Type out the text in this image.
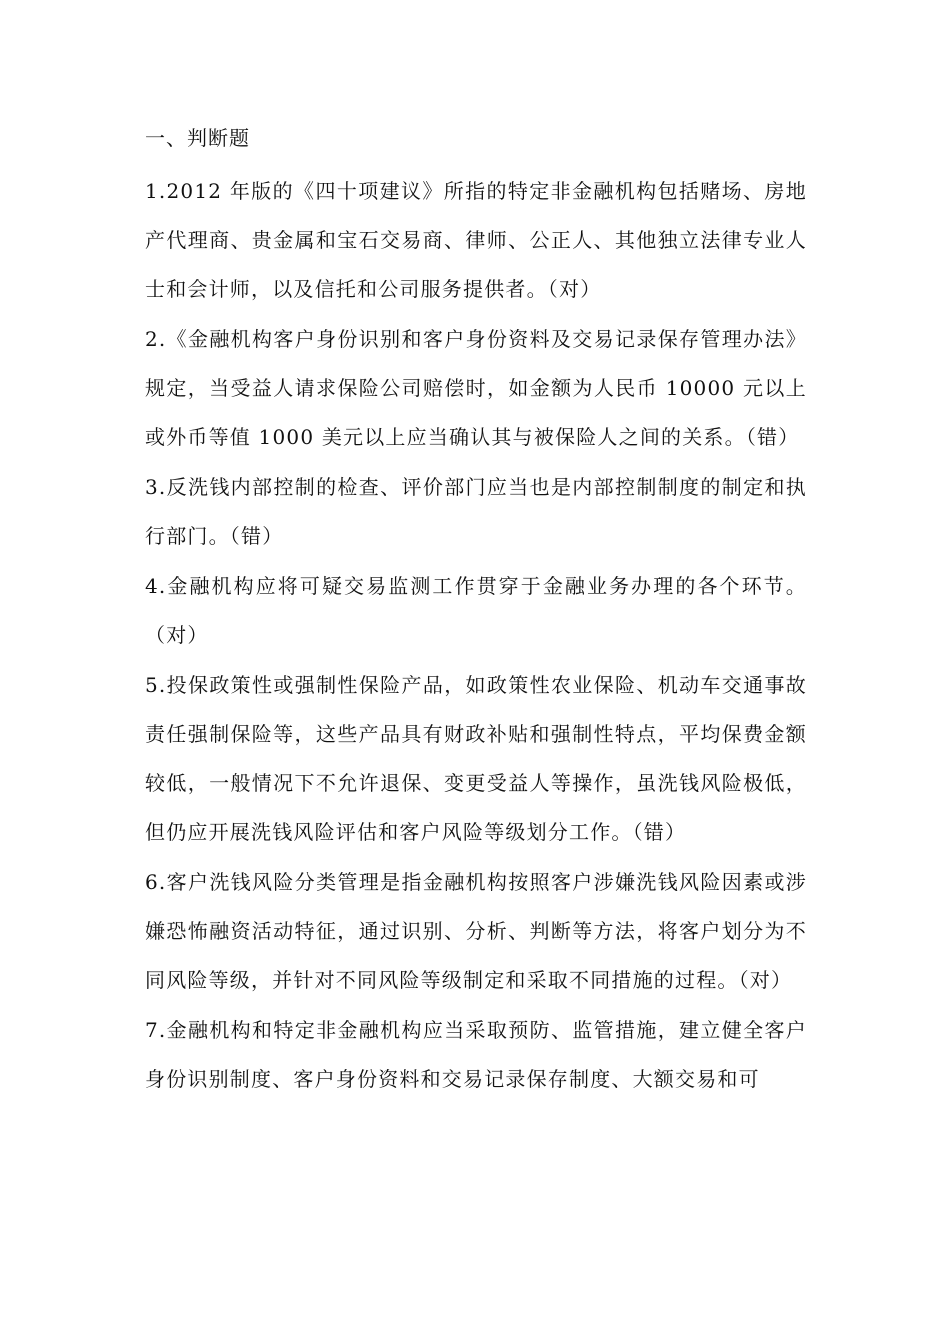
一、判断题
1.2012 年版的《四十项建议》所指的特定非金融机构包括赌场、房地产代理商、贵金属和宝石交易商、律师、公正人、其他独立法律专业人士和会计师，以及信托和公司服务提供者。（对）
2.《金融机构客户身份识别和客户身份资料及交易记录保存管理办法》规定，当受益人请求保险公司赔偿时，如金额为人民币 10000 元以上或外币等值 1000 美元以上应当确认其与被保险人之间的关系。（错）
3.反洗钱内部控制的检查、评价部门应当也是内部控制制度的制定和执行部门。（错）
4.金融机构应将可疑交易监测工作贯穿于金融业务办理的各个环节。（对）
5.投保政策性或强制性保险产品，如政策性农业保险、机动车交通事故责任强制保险等，这些产品具有财政补贴和强制性特点，平均保费金额较低，一般情况下不允许退保、变更受益人等操作，虽洗钱风险极低，但仍应开展洗钱风险评估和客户风险等级划分工作。（错）
6.客户洗钱风险分类管理是指金融机构按照客户涉嫌洗钱风险因素或涉嫌恐怖融资活动特征，通过识别、分析、判断等方法，将客户划分为不同风险等级，并针对不同风险等级制定和采取不同措施的过程。（对）
7.金融机构和特定非金融机构应当采取预防、监管措施，建立健全客户身份识别制度、客户身份资料和交易记录保存制度、大额交易和可
